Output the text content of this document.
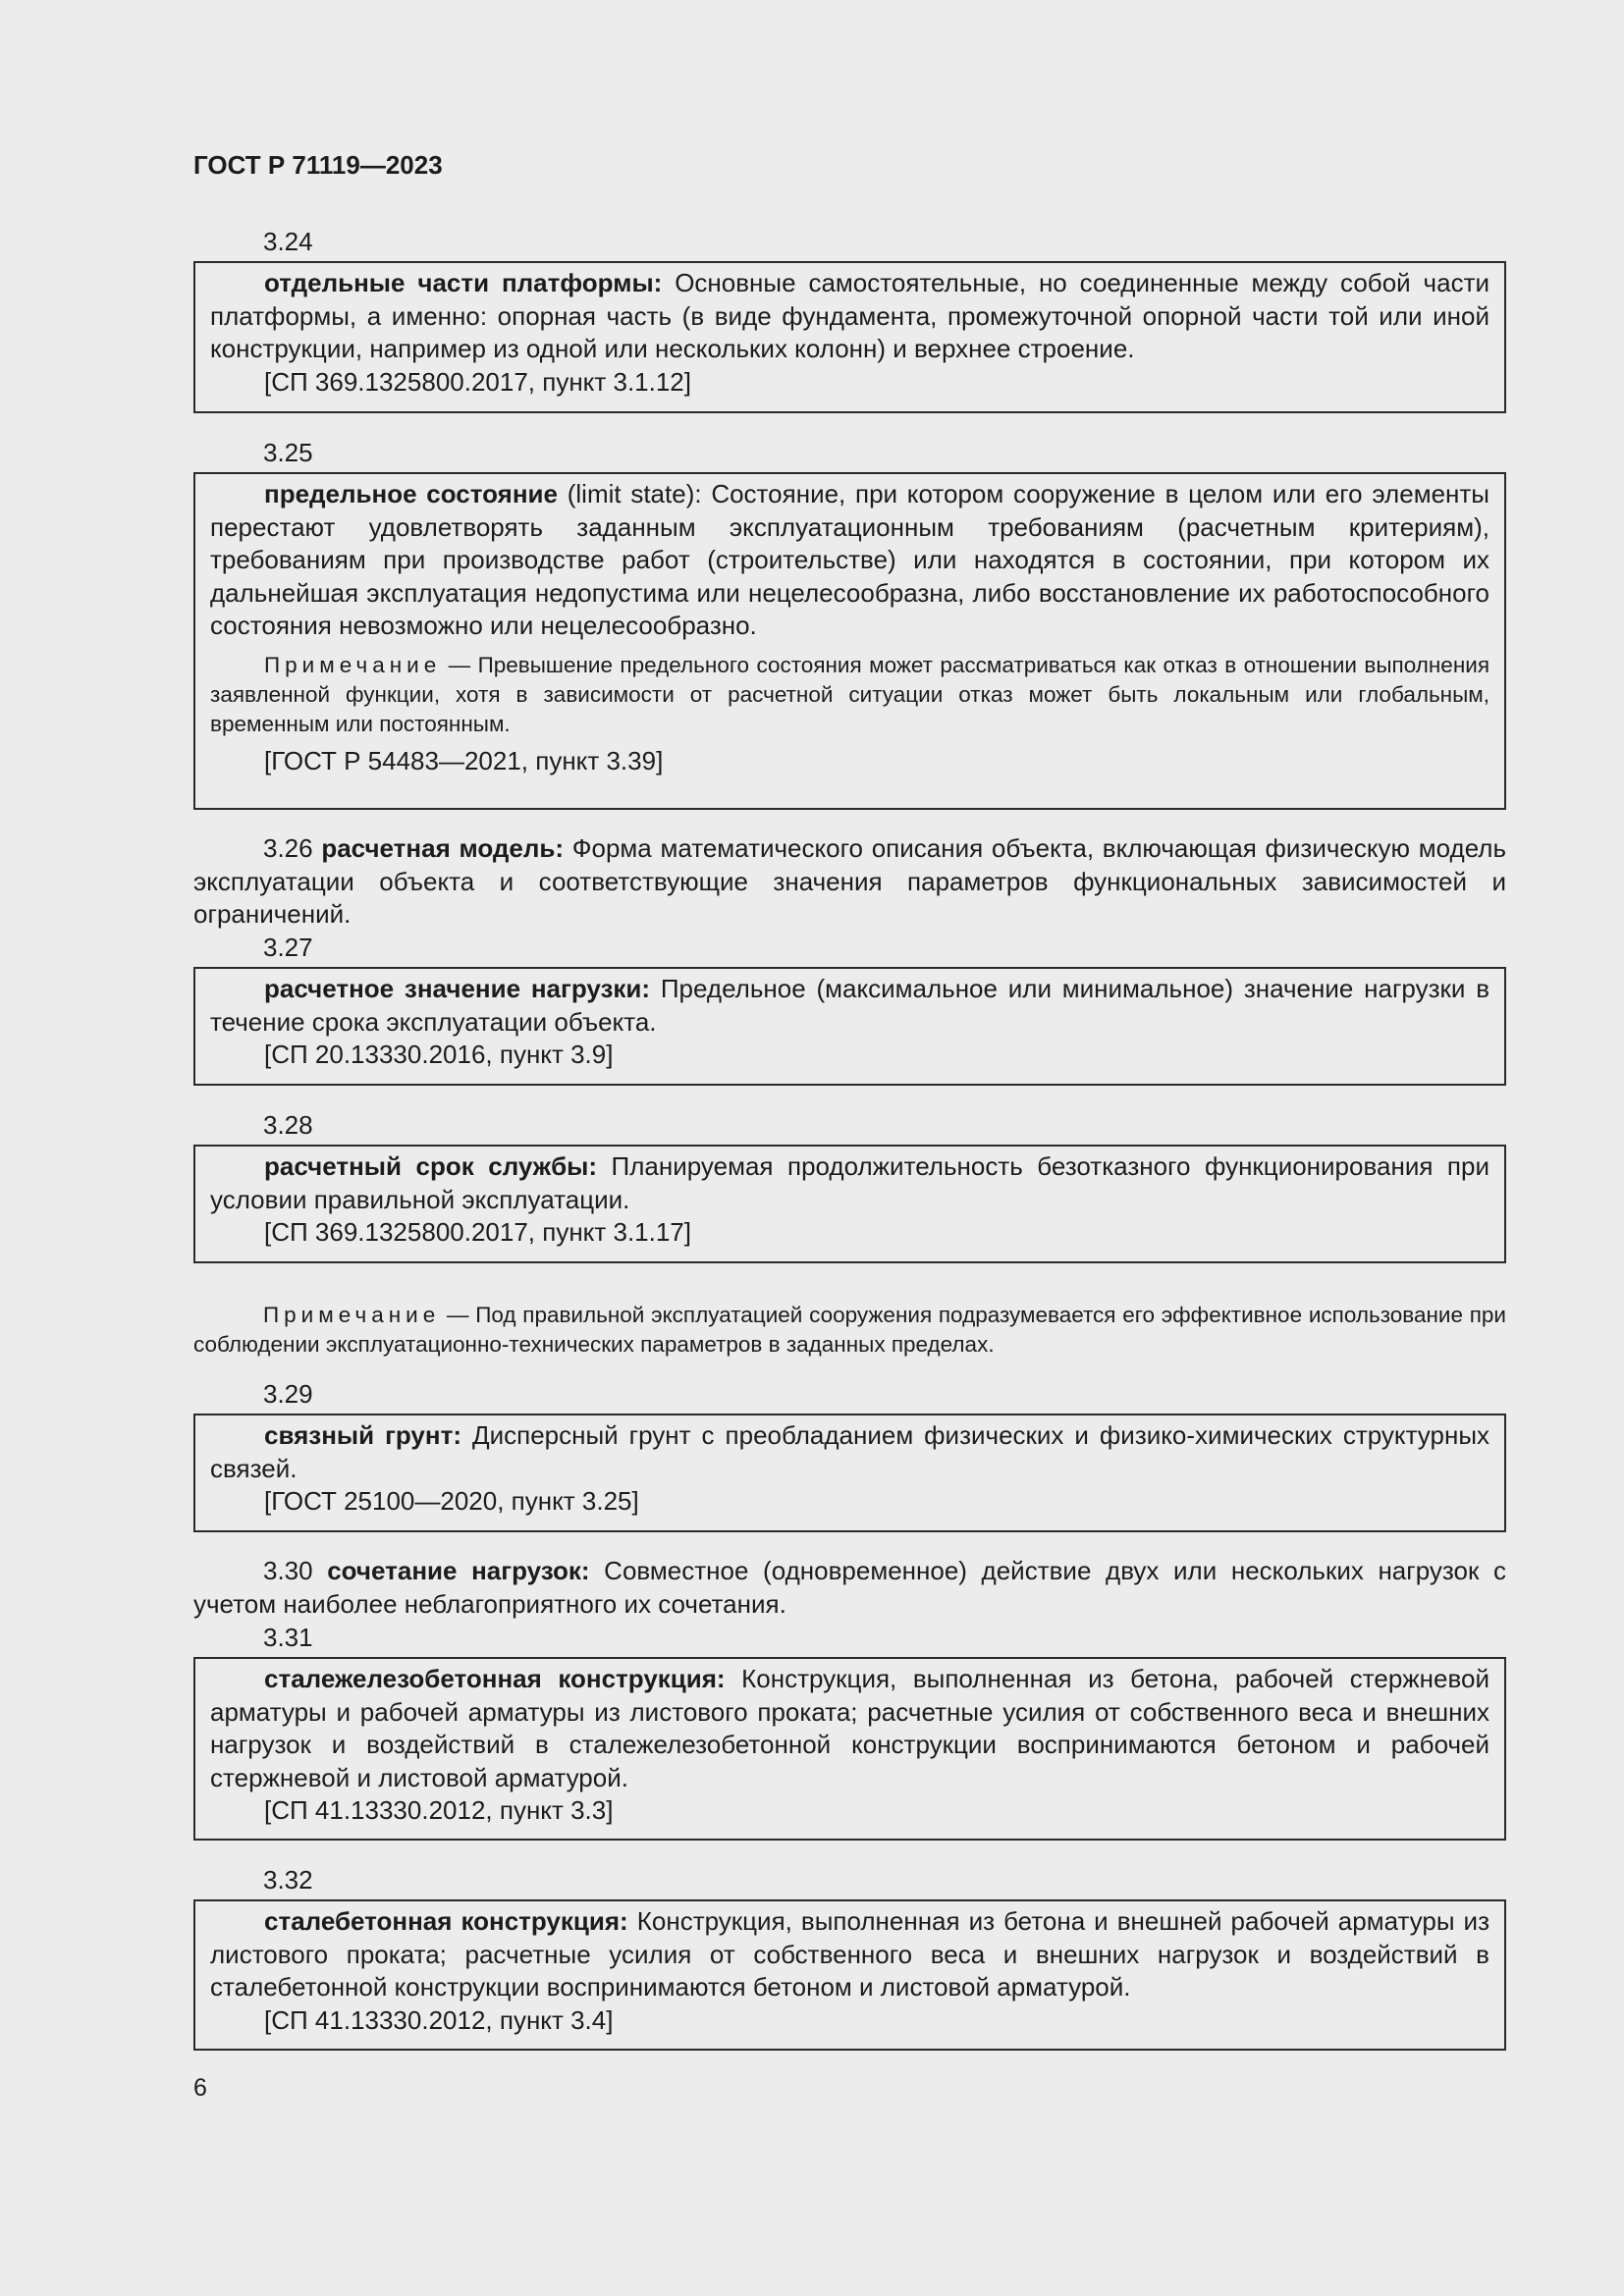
ГОСТ Р 71119—2023
3.24

отдельные части платформы: Основные самостоятельные, но соединенные между собой части платформы, а именно: опорная часть (в виде фундамента, промежуточной опорной части той или иной конструкции, например из одной или нескольких колонн) и верхнее строение.

[СП 369.1325800.2017, пункт 3.1.12]

3.25

предельное состояние (limit state): Состояние, при котором сооружение в целом или его элементы перестают удовлетворять заданным эксплуатационным требованиям (расчетным критериям), требованиям при производстве работ (строительстве) или находятся в состоянии, при котором их дальнейшая эксплуатация недопустима или нецелесообразна, либо восстановление их работоспособного состояния невозможно или нецелесообразно.

Примечание — Превышение предельного состояния может рассматриваться как отказ в отношении выполнения заявленной функции, хотя в зависимости от расчетной ситуации отказ может быть локальным или глобальным, временным или постоянным.

[ГОСТ Р 54483—2021, пункт 3.39]

3.26 расчетная модель: Форма математического описания объекта, включающая физическую модель эксплуатации объекта и соответствующие значения параметров функциональных зависимостей и ограничений.

3.27

расчетное значение нагрузки: Предельное (максимальное или минимальное) значение нагрузки в течение срока эксплуатации объекта.

[СП 20.13330.2016, пункт 3.9]

3.28

расчетный срок службы: Планируемая продолжительность безотказного функционирования при условии правильной эксплуатации.

[СП 369.1325800.2017, пункт 3.1.17]

Примечание — Под правильной эксплуатацией сооружения подразумевается его эффективное использование при соблюдении эксплуатационно-технических параметров в заданных пределах.

3.29

связный грунт: Дисперсный грунт с преобладанием физических и физико-химических структурных связей.

[ГОСТ 25100—2020, пункт 3.25]

3.30 сочетание нагрузок: Совместное (одновременное) действие двух или нескольких нагрузок с учетом наиболее неблагоприятного их сочетания.

3.31

сталежелезобетонная конструкция: Конструкция, выполненная из бетона, рабочей стержневой арматуры и рабочей арматуры из листового проката; расчетные усилия от собственного веса и внешних нагрузок и воздействий в сталежелезобетонной конструкции воспринимаются бетоном и рабочей стержневой и листовой арматурой.

[СП 41.13330.2012, пункт 3.3]

3.32

сталебетонная конструкция: Конструкция, выполненная из бетона и внешней рабочей арматуры из листового проката; расчетные усилия от собственного веса и внешних нагрузок и воздействий в сталебетонной конструкции воспринимаются бетоном и листовой арматурой.

[СП 41.13330.2012, пункт 3.4]

6
